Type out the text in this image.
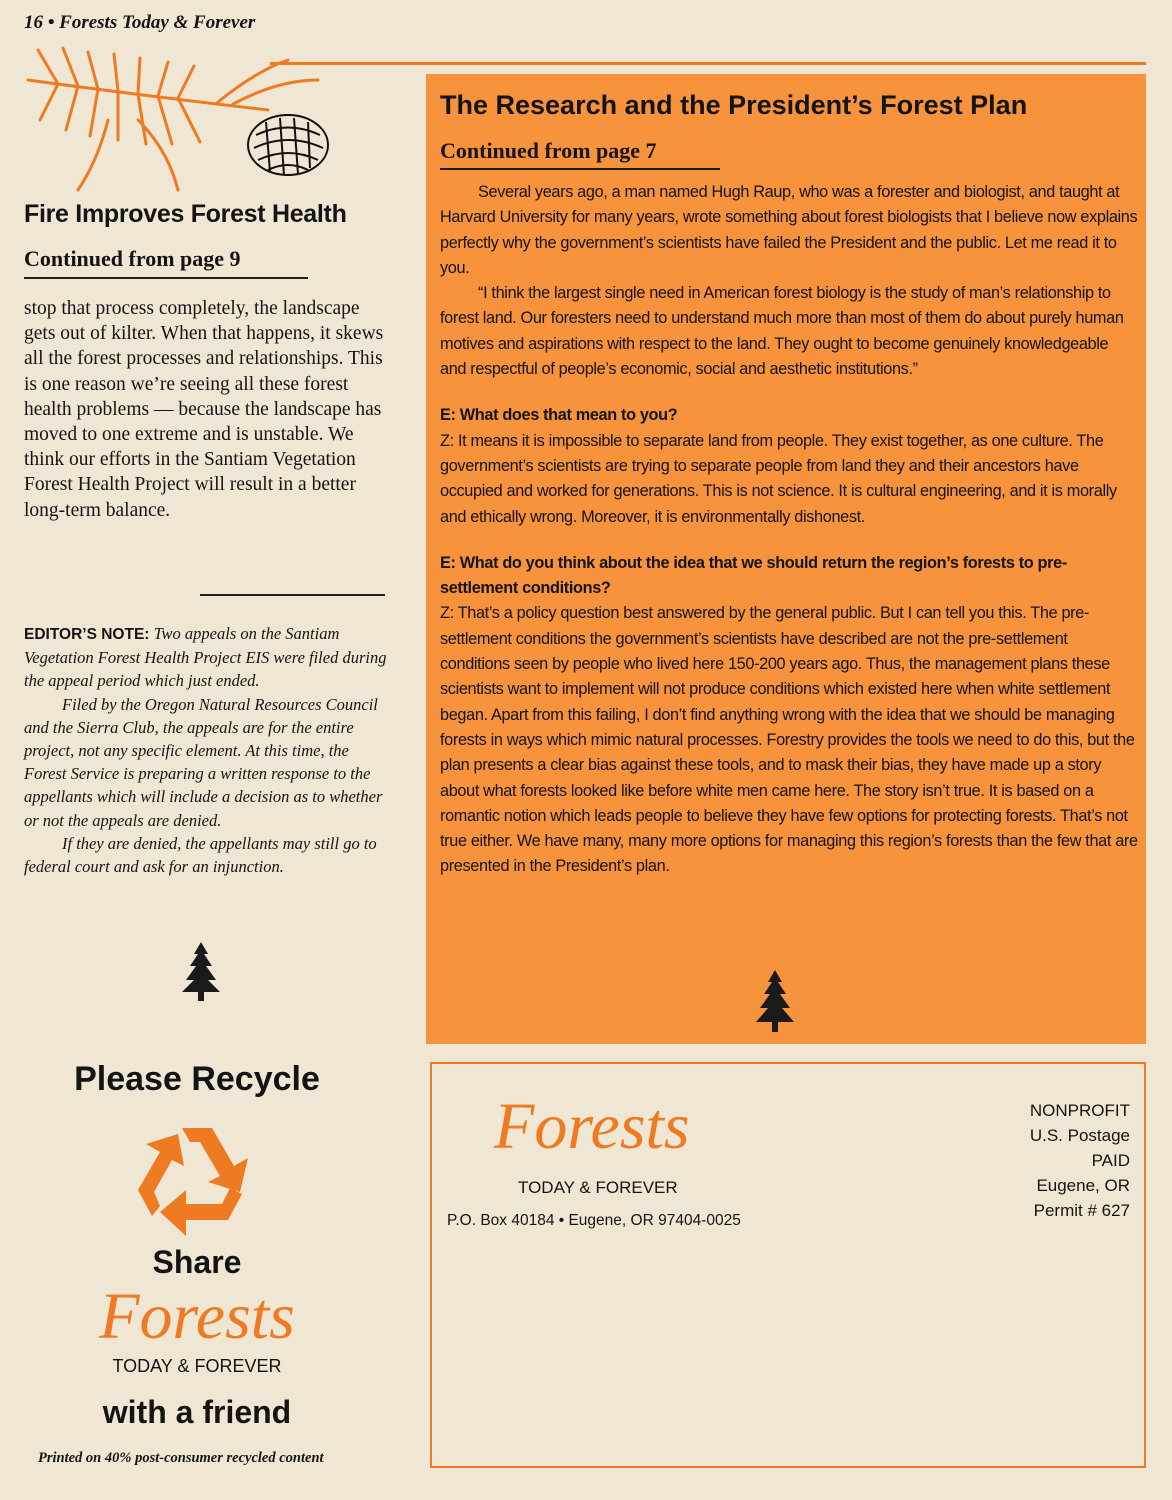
16 • Forests Today & Forever
Fire Improves Forest Health
Continued from page 9

stop that process completely, the landscape gets out of kilter. When that happens, it skews all the forest processes and relationships. This is one reason we’re seeing all these forest health problems — because the landscape has moved to one extreme and is unstable. We think our efforts in the Santiam Vegetation Forest Health Project will result in a better long-term balance.

EDITOR’S NOTE: Two appeals on the Santiam Vegetation Forest Health Project EIS were filed during the appeal period which just ended.
Filed by the Oregon Natural Resources Council and the Sierra Club, the appeals are for the entire project, not any specific element. At this time, the Forest Service is preparing a written response to the appellants which will include a decision as to whether or not the appeals are denied.
If they are denied, the appellants may still go to federal court and ask for an injunction.

Please Recycle
Share
Forests
TODAY & FOREVER
with a friend
Printed on 40% post-consumer recycled content
The Research and the President’s Forest Plan
Continued from page 7

Several years ago, a man named Hugh Raup, who was a forester and biologist, and taught at Harvard University for many years, wrote something about forest biologists that I believe now explains perfectly why the government’s scientists have failed the President and the public. Let me read it to you.
“I think the largest single need in American forest biology is the study of man’s relationship to forest land. Our foresters need to understand much more than most of them do about purely human motives and aspirations with respect to the land. They ought to become genuinely knowledgeable and respectful of people’s economic, social and aesthetic institutions.”
E: What does that mean to you?
Z: It means it is impossible to separate land from people. They exist together, as one culture. The government’s scientists are trying to separate people from land they and their ancestors have occupied and worked for generations. This is not science. It is cultural engineering, and it is morally and ethically wrong. Moreover, it is environmentally dishonest.
E: What do you think about the idea that we should return the region’s forests to pre-settlement conditions?
Z: That’s a policy question best answered by the general public. But I can tell you this. The pre-settlement conditions the government’s scientists have described are not the pre-settlement conditions seen by people who lived here 150-200 years ago. Thus, the management plans these scientists want to implement will not produce conditions which existed here when white settlement began. Apart from this failing, I don’t find anything wrong with the idea that we should be managing forests in ways which mimic natural processes. Forestry provides the tools we need to do this, but the plan presents a clear bias against these tools, and to mask their bias, they have made up a story about what forests looked like before white men came here. The story isn’t true. It is based on a romantic notion which leads people to believe they have few options for protecting forests. That’s not true either. We have many, many more options for managing this region’s forests than the few that are presented in the President’s plan.

Forests
TODAY & FOREVER
P.O. Box 40184 • Eugene, OR 97404-0025
NONPROFIT
U.S. Postage
PAID
Eugene, OR
Permit # 627
